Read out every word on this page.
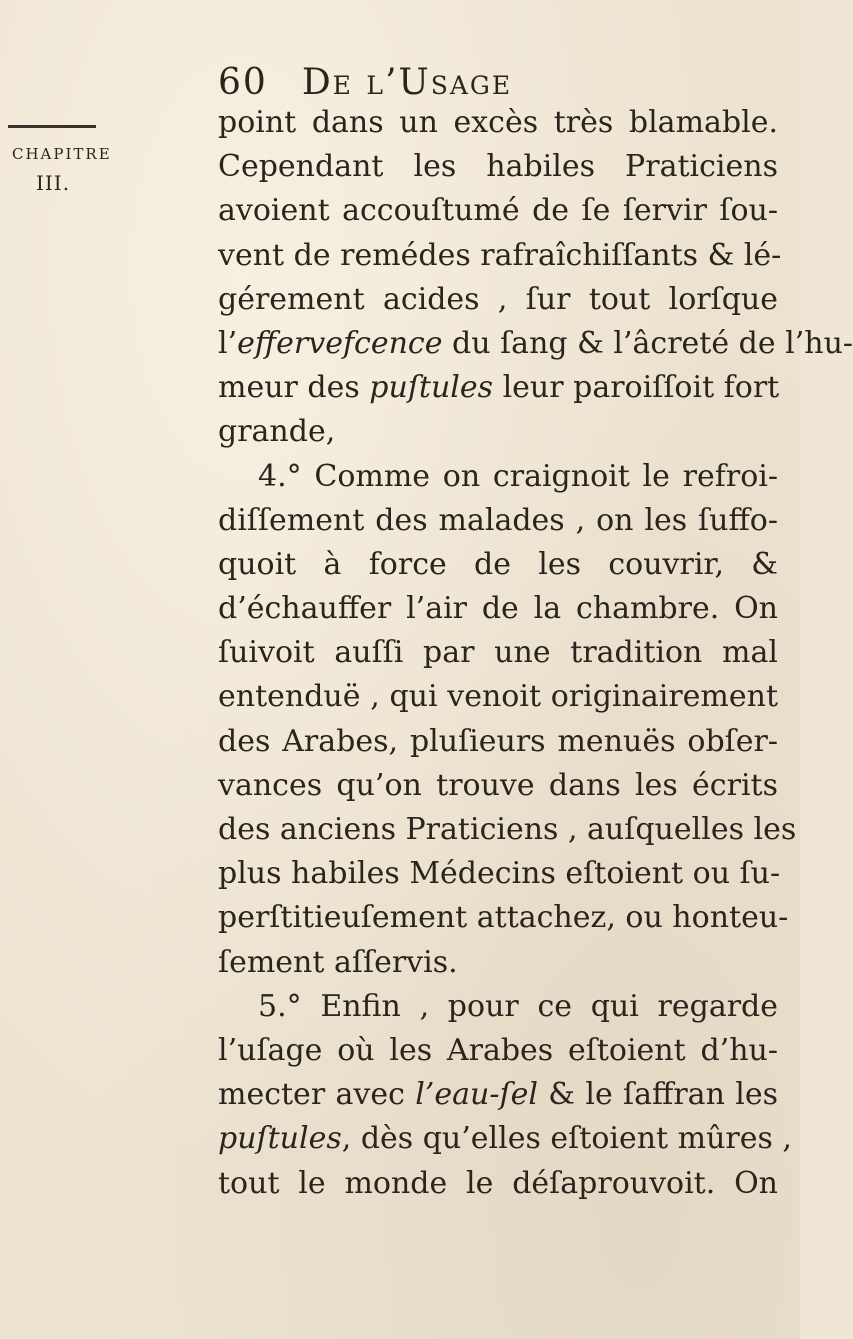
60 De l’Usage
CHAPITRE
III.
point dans un excès très blamable.
Cependant les habiles Praticiens
avoient accouſtumé de ſe ſervir ſou-
vent de remédes rafraîchiſſants & lé-
gérement acides , ſur tout lorſque
l’effervefcence du ſang & l’âcreté de l’hu-
meur des puſtules leur paroiſſoit fort
grande,
4.° Comme on craignoit le refroi-
diſſement des malades , on les ſuffo-
quoit à force de les couvrir, &
d’échauffer l’air de la chambre. On
ſuivoit auſſi par une tradition mal
entenduë , qui venoit originairement
des Arabes, pluſieurs menuës obſer-
vances qu’on trouve dans les écrits
des anciens Praticiens , auſquelles les
plus habiles Médecins eſtoient ou ſu-
perſtitieuſement attachez, ou honteu-
ſement aſſervis.
5.° Enfin , pour ce qui regarde
l’uſage où les Arabes eſtoient d’hu-
mecter avec l’eau-ſel & le ſaffran les
puſtules, dès qu’elles eſtoient mûres ,
tout le monde le déſaprouvoit. On
